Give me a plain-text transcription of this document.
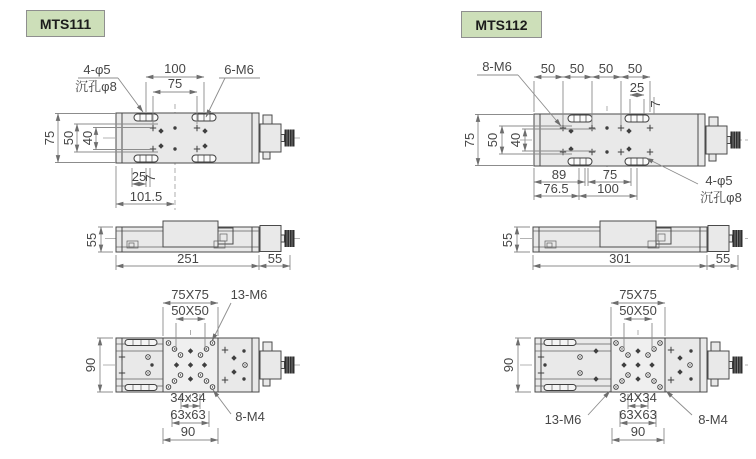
100
75
4-φ5
沉孔φ8
6-M6
75 50 40
25
7
101.5
55
251	55
90
75X75
50X50
13-M6
34x34
63x63
90
8-M4
50 50 50 50
25
7
8-M6
75 50 40
89	75
76.5 100
4-φ5
沉孔φ8
55
301	55
90
75X75
50X50
34X34
63X63
90
13-M6	8-M4
MTS111	MTS112
